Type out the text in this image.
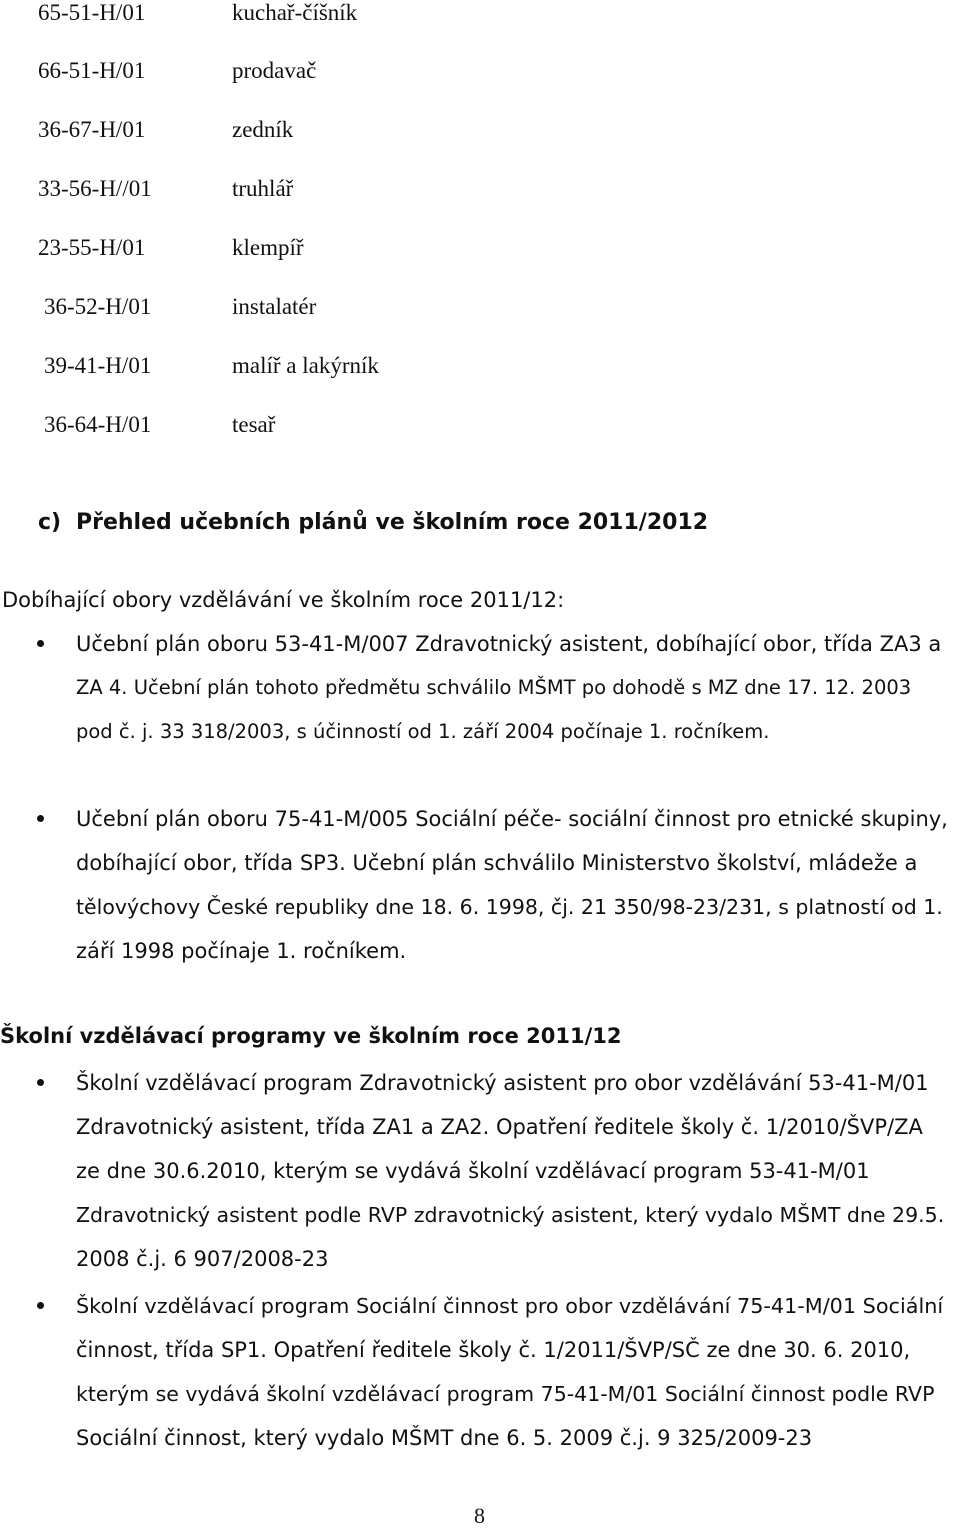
65-51-H/01	kuchař-číšník
66-51-H/01	prodavač
36-67-H/01	zedník
33-56-H//01	truhlář
23-55-H/01	klempíř
36-52-H/01	instalatér
39-41-H/01	malíř a lakýrník
36-64-H/01	tesař
c) Přehled učebních plánů ve školním roce 2011/2012
Dobíhající obory vzdělávání ve školním roce 2011/12:
Učební plán oboru 53-41-M/007 Zdravotnický asistent, dobíhající obor, třída ZA3 a
ZA 4. Učební plán tohoto předmětu schválilo MŠMT po dohodě s MZ dne 17. 12. 2003
pod č. j. 33 318/2003, s účinností od 1. září 2004 počínaje 1. ročníkem.
Učební plán oboru 75-41-M/005 Sociální péče- sociální činnost pro etnické skupiny,
dobíhající obor, třída SP3. Učební plán schválilo Ministerstvo školství, mládeže a
tělovýchovy České republiky dne 18. 6. 1998, čj. 21 350/98-23/231, s platností od 1.
září 1998 počínaje 1. ročníkem.
Školní vzdělávací programy ve školním roce 2011/12
Školní vzdělávací program Zdravotnický asistent pro obor vzdělávání 53-41-M/01
Zdravotnický asistent, třída ZA1 a ZA2. Opatření ředitele školy č. 1/2010/ŠVP/ZA
ze dne 30.6.2010, kterým se vydává školní vzdělávací program 53-41-M/01
Zdravotnický asistent podle RVP zdravotnický asistent, který vydalo MŠMT dne 29.5.
2008 č.j. 6 907/2008-23
Školní vzdělávací program Sociální činnost pro obor vzdělávání 75-41-M/01 Sociální
činnost, třída SP1. Opatření ředitele školy č. 1/2011/ŠVP/SČ ze dne 30. 6. 2010,
kterým se vydává školní vzdělávací program 75-41-M/01 Sociální činnost podle RVP
Sociální činnost, který vydalo MŠMT dne 6. 5. 2009 č.j. 9 325/2009-23
8
